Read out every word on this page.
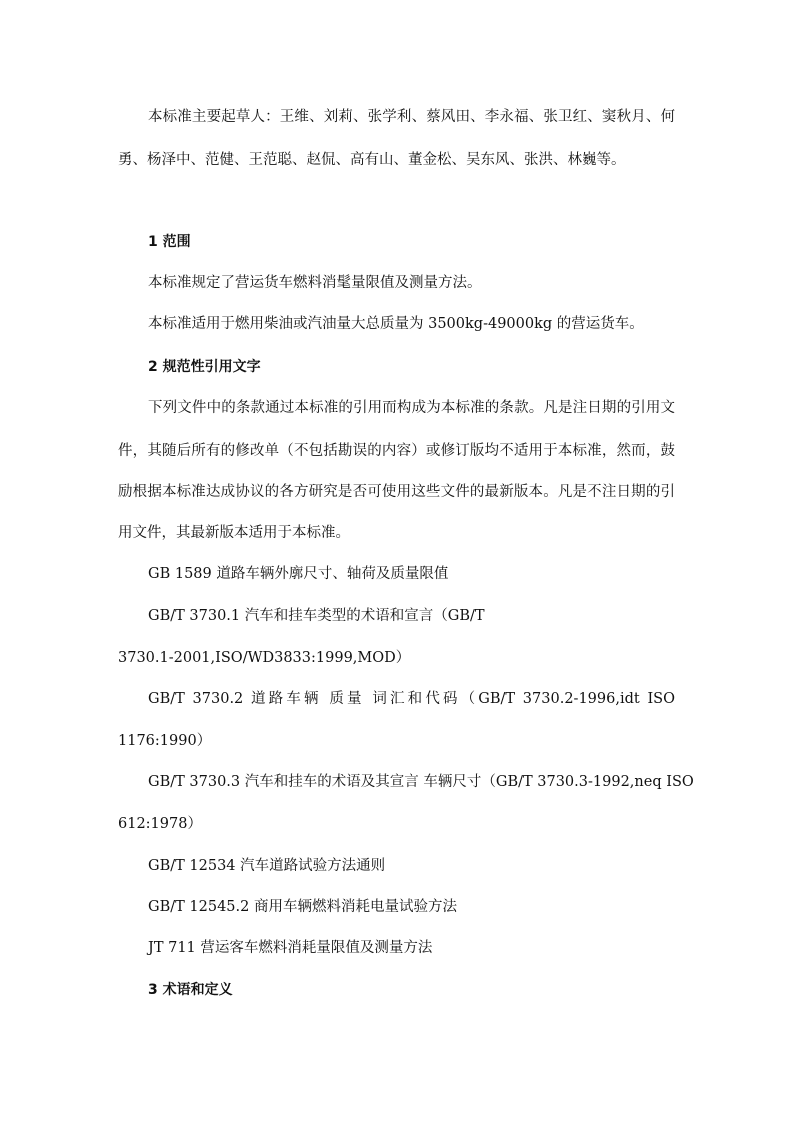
本标准主要起草人：王维、刘莉、张学利、蔡风田、李永福、张卫红、窦秋月、何
勇、杨泽中、范健、王范聪、赵侃、高有山、董金松、吴东风、张洪、林巍等。
1 范围
本标准规定了营运货车燃料消髦量限值及测量方法。
本标准适用于燃用柴油或汽油量大总质量为 3500kg-49000kg 的营运货车。
2 规范性引用文字
下列文件中的条款通过本标准的引用而构成为本标准的条款。凡是注日期的引用文
件，其随后所有的修改单（不包括勘误的内容）或修订版均不适用于本标准，然而，鼓
励根据本标准达成协议的各方研究是否可使用这些文件的最新版本。凡是不注日期的引
用文件，其最新版本适用于本标准。
GB 1589 道路车辆外廓尺寸、轴荷及质量限值
GB/T 3730.1 汽车和挂车类型的术语和宣言（GB/T
3730.1-2001,ISO/WD3833:1999,MOD）
GB/T 3730.2 道路车辆 质量 词汇和代码（GB/T 3730.2-1996,idt ISO
1176:1990）
GB/T 3730.3 汽车和挂车的术语及其宣言 车辆尺寸（GB/T 3730.3-1992,neq ISO
612:1978）
GB/T 12534 汽车道路试验方法通则
GB/T 12545.2 商用车辆燃料消耗电量试验方法
JT 711 营运客车燃料消耗量限值及测量方法
3 术语和定义
